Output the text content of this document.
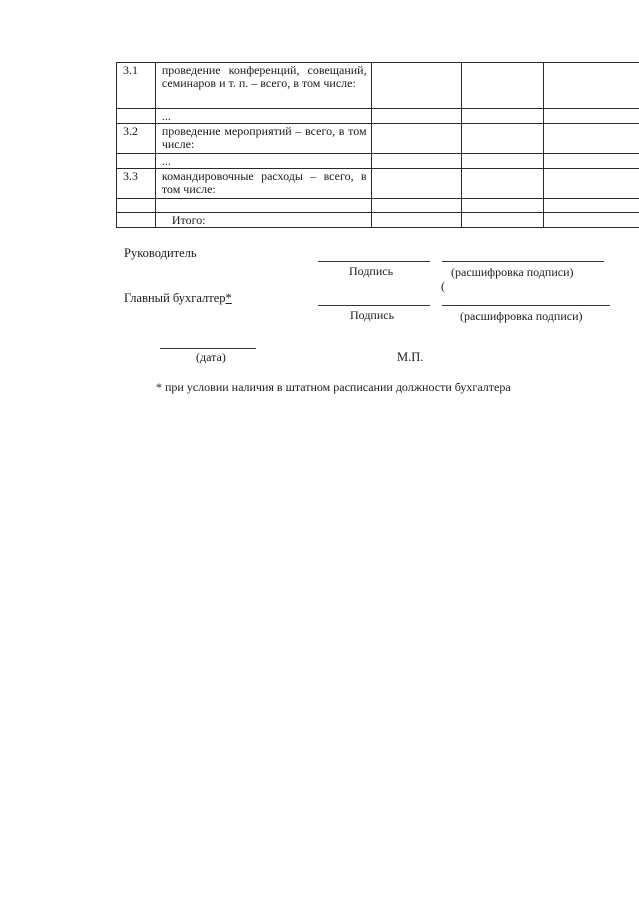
3.1	проведение конференций, совещаний, семинаров и т. п. – всего, в том числе:			
	...			
3.2	проведение мероприятий – всего, в том числе:			
	...			
3.3	командировочные расходы – всего, в том числе:			

	Итого:			
Руководитель
Подпись	(расшифровка подписи)
(
Главный бухгалтер*
Подпись	(расшифровка подписи)
(дата)	М.П.
* при условии наличия в штатном расписании должности бухгалтера
